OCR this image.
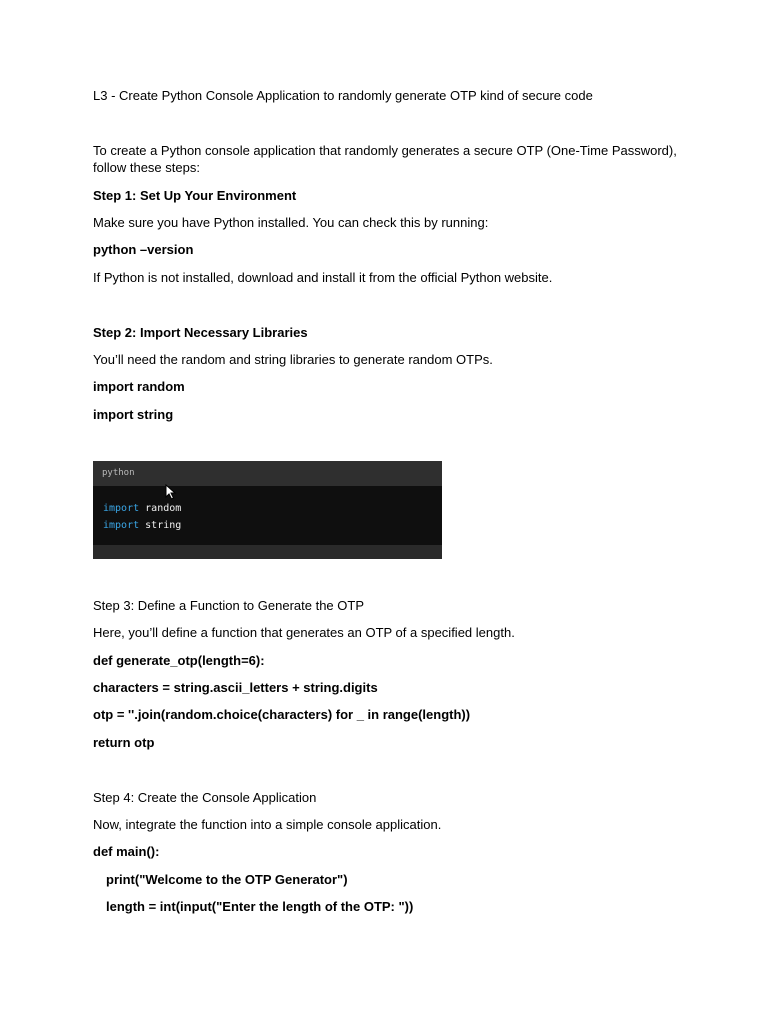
L3 - Create Python Console Application to randomly generate OTP kind of secure code
To create a Python console application that randomly generates a secure OTP (One-Time Password), follow these steps:
Step 1: Set Up Your Environment
Make sure you have Python installed. You can check this by running:
python –version
If Python is not installed, download and install it from the official Python website.
Step 2: Import Necessary Libraries
You’ll need the random and string libraries to generate random OTPs.
import random
import string
python
import random
import string
Step 3: Define a Function to Generate the OTP
Here, you’ll define a function that generates an OTP of a specified length.
def generate_otp(length=6):
characters = string.ascii_letters + string.digits
otp = ''.join(random.choice(characters) for _ in range(length))
return otp
Step 4: Create the Console Application
Now, integrate the function into a simple console application.
def main():
print("Welcome to the OTP Generator")
length = int(input("Enter the length of the OTP: "))
